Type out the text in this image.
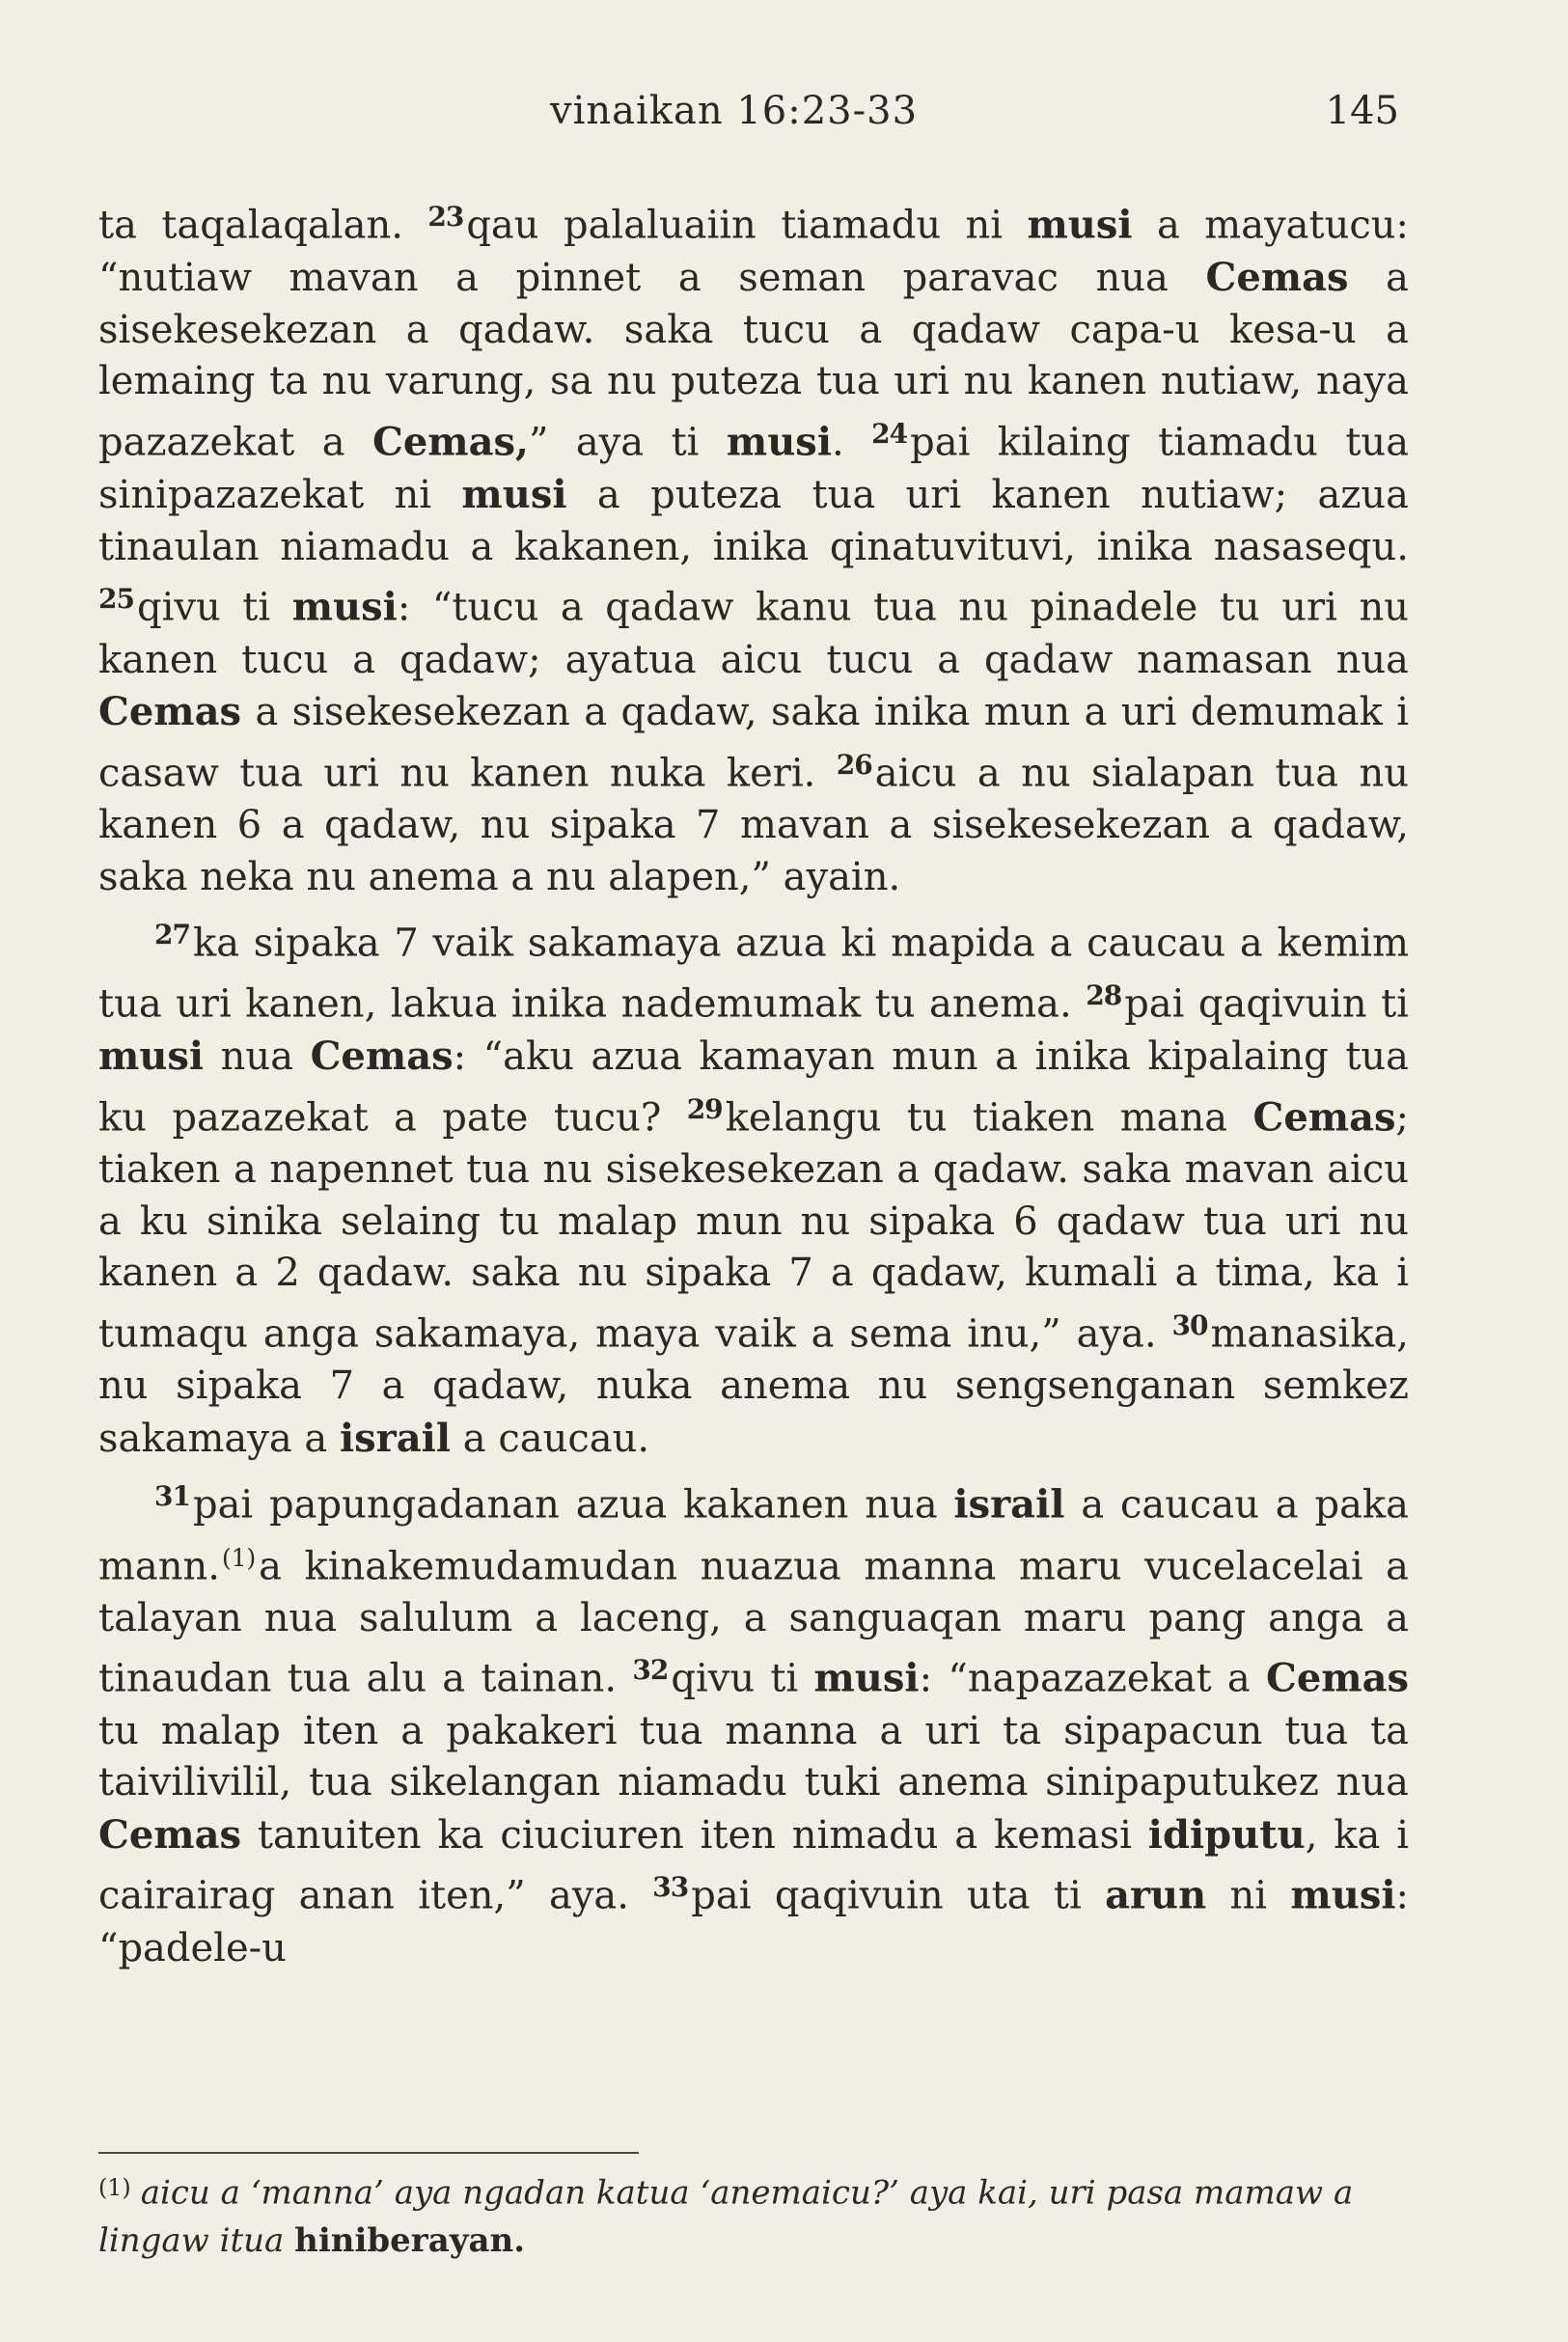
vinaikan 16:23-33	145

ta taqalaqalan. $^{23}$qau palaluaiin tiamadu ni musi a mayatucu: “nutiaw mavan a pinnet a seman paravac nua Cemas a sisekesekezan a qadaw. saka tucu a qadaw capa-u kesa-u a lemaing ta nu varung, sa nu puteza tua uri nu kanen nutiaw, naya pazazekat a Cemas,” aya ti musi. $^{24}$pai kilaing tiamadu tua sinipazazekat ni musi a puteza tua uri kanen nutiaw; azua tinaulan niamadu a kakanen, inika qinatuvituvi, inika nasasequ. $^{25}$qivu ti musi: “tucu a qadaw kanu tua nu pinadele tu uri nu kanen tucu a qadaw; ayatua aicu tucu a qadaw namasan nua Cemas a sisekesekezan a qadaw, saka inika mun a uri demumak i casaw tua uri nu kanen nuka keri. $^{26}$aicu a nu sialapan tua nu kanen 6 a qadaw, nu sipaka 7 mavan a sisekesekezan a qadaw, saka neka nu anema a nu alapen,” ayain.

$^{27}$ka sipaka 7 vaik sakamaya azua ki mapida a caucau a kemim tua uri kanen, lakua inika nademumak tu anema. $^{28}$pai qaqivuin ti musi nua Cemas: “aku azua kamayan mun a inika kipalaing tua ku pazazekat a pate tucu? $^{29}$kelangu tu tiaken mana Cemas; tiaken a napennet tua nu sisekesekezan a qadaw. saka mavan aicu a ku sinika selaing tu malap mun nu sipaka 6 qadaw tua uri nu kanen a 2 qadaw. saka nu sipaka 7 a qadaw, kumali a tima, ka i tumaqu anga sakamaya, maya vaik a sema inu,” aya. $^{30}$manasika, nu sipaka 7 a qadaw, nuka anema nu sengsenganan semkez sakamaya a israil a caucau.

$^{31}$pai papungadanan azua kakanen nua israil a caucau a paka mann.$^{(1)}$a kinakemudamudan nuazua manna maru vucelacelai a talayan nua salulum a laceng, a sanguaqan maru pang anga a tinaudan tua alu a tainan. $^{32}$qivu ti musi: “napazazekat a Cemas tu malap iten a pakakeri tua manna a uri ta sipapacun tua ta taivilivilil, tua sikelangan niamadu tuki anema sinipaputukez nua Cemas tanuiten ka ciuciuren iten nimadu a kemasi idiputu, ka i cairairag anan iten,” aya. $^{33}$pai qaqivuin uta ti arun ni musi: “padele-u

$^{(1)}$ aicu a ‘manna’ aya ngadan katua ‘anemaicu?’ aya kai, uri pasa mamaw a lingaw itua hiniberayan.
